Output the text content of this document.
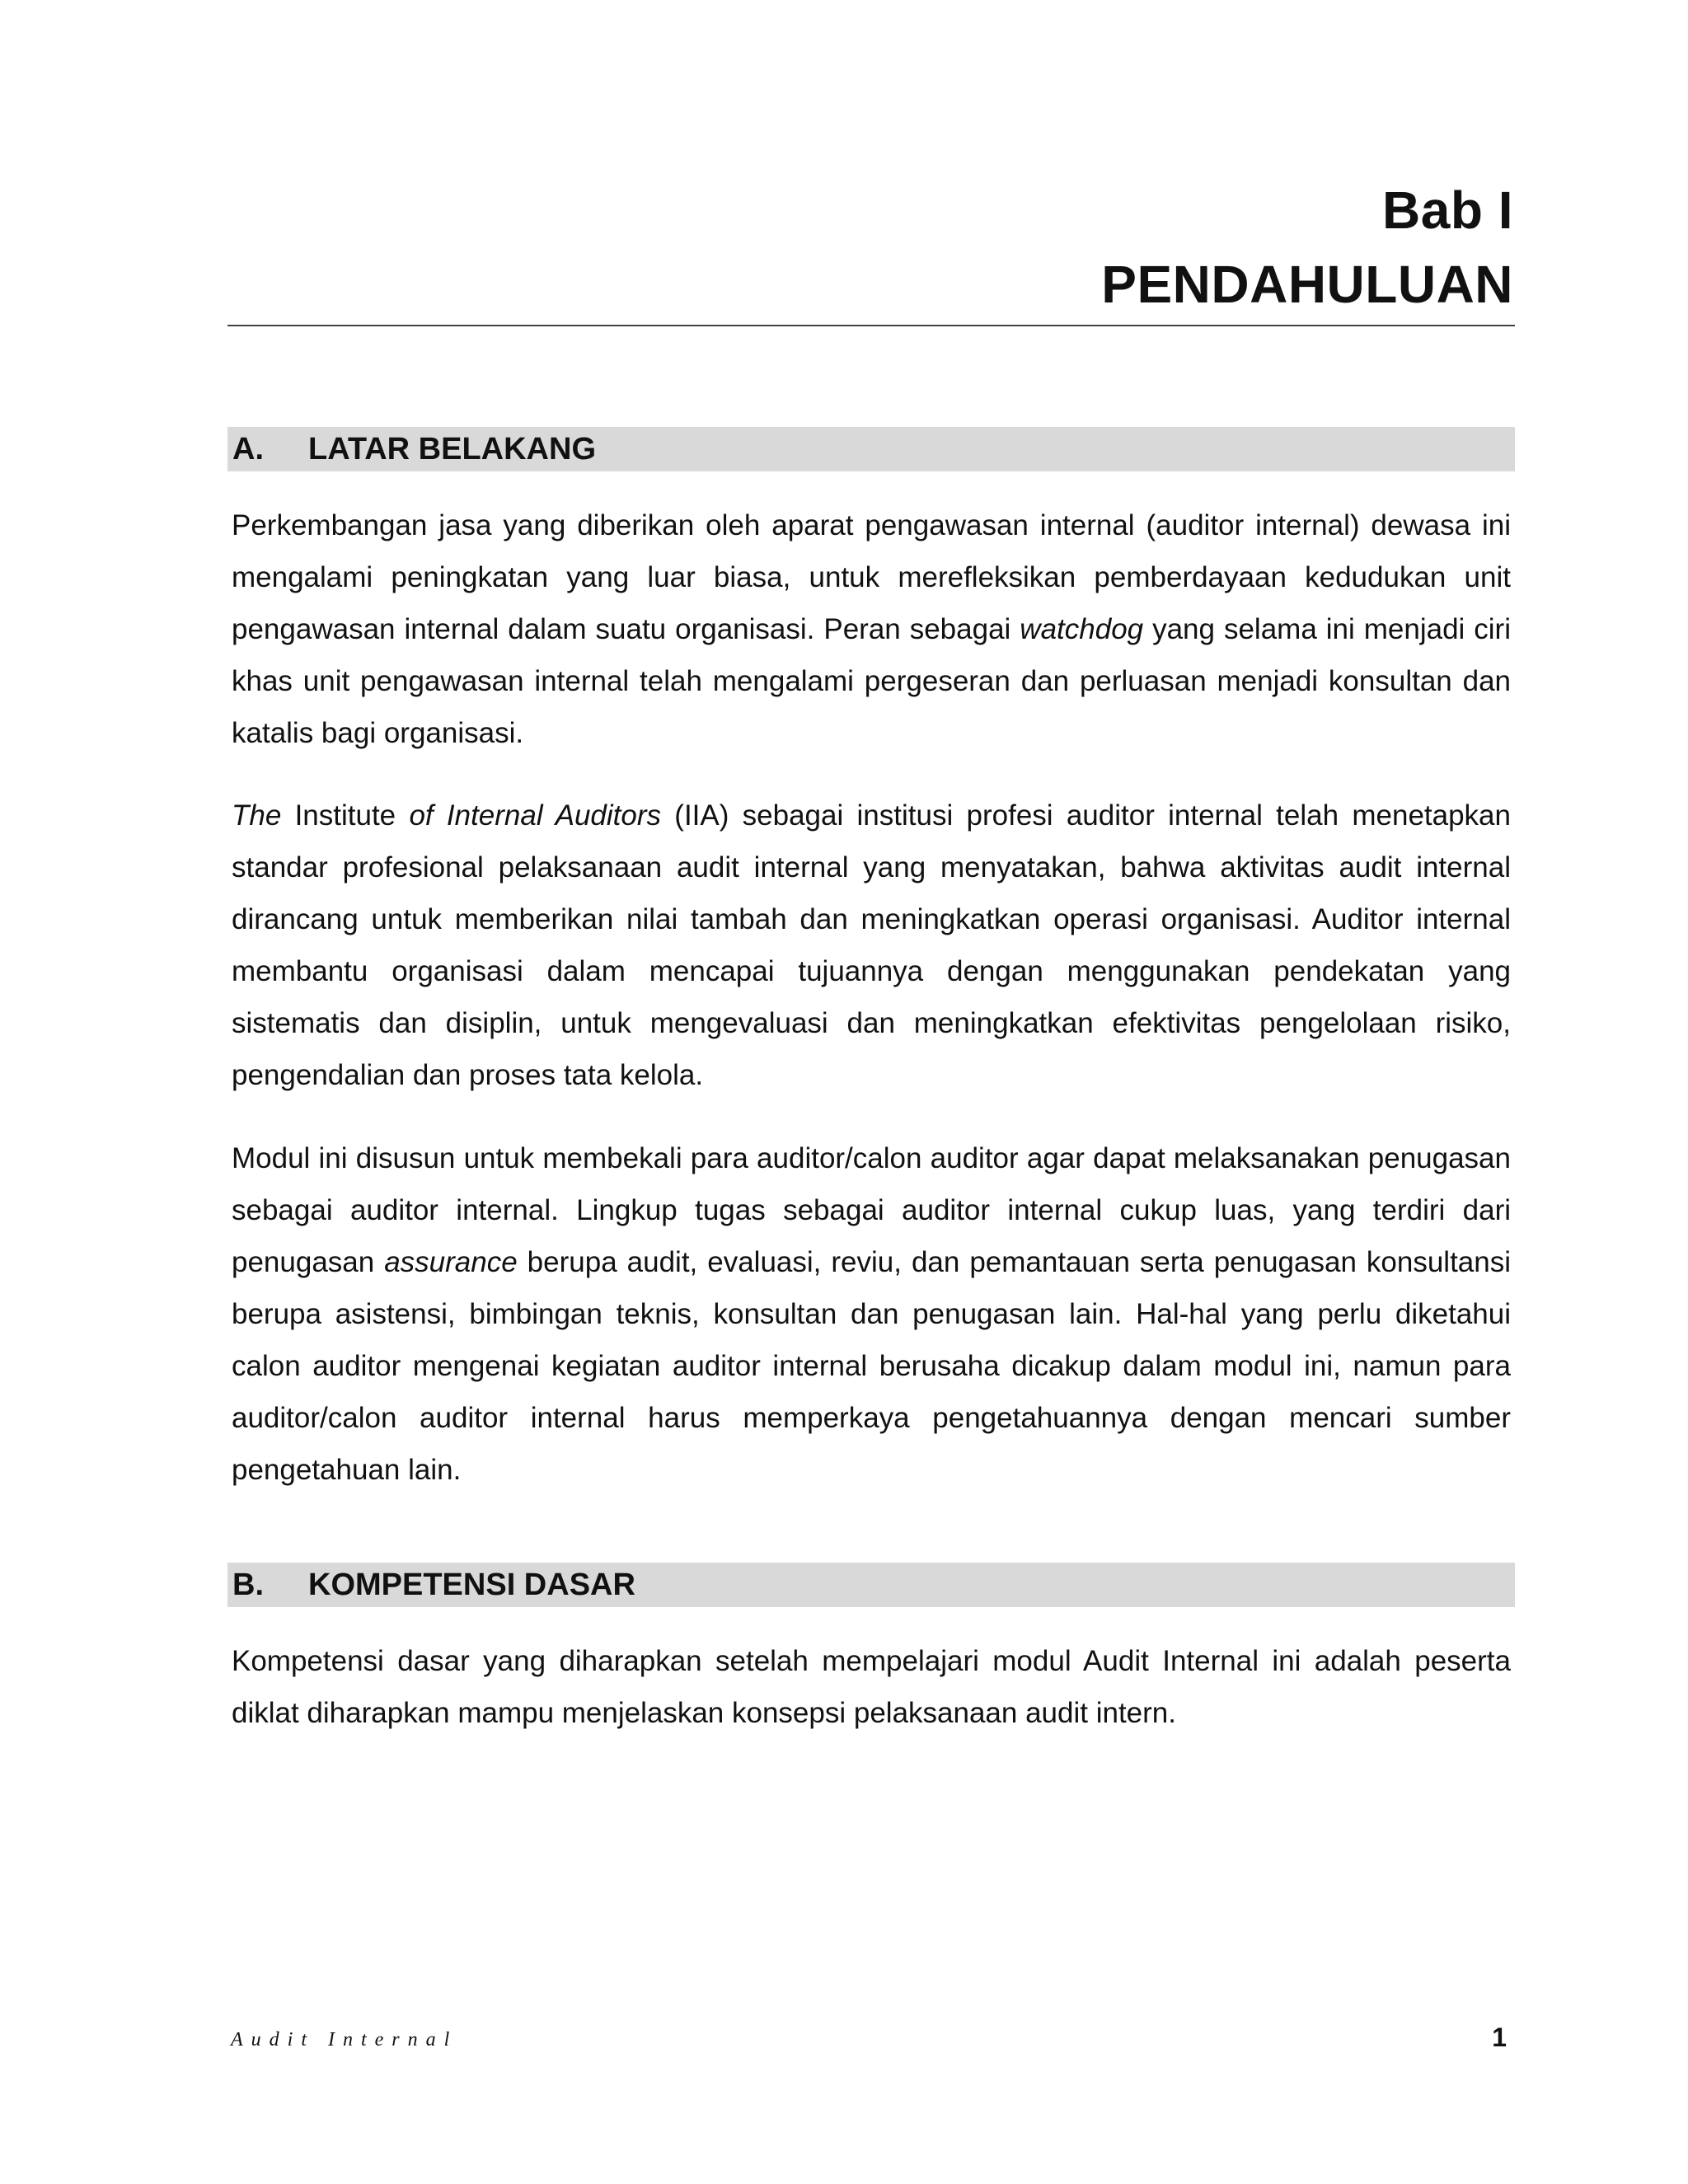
Bab I
PENDAHULUAN
A. LATAR BELAKANG

Perkembangan jasa yang diberikan oleh aparat pengawasan internal (auditor internal) dewasa ini mengalami peningkatan yang luar biasa, untuk merefleksikan pemberdayaan kedudukan unit pengawasan internal dalam suatu organisasi. Peran sebagai watchdog yang selama ini menjadi ciri khas unit pengawasan internal telah mengalami pergeseran dan perluasan menjadi konsultan dan katalis bagi organisasi.

The Institute of Internal Auditors (IIA) sebagai institusi profesi auditor internal telah menetapkan standar profesional pelaksanaan audit internal yang menyatakan, bahwa aktivitas audit internal dirancang untuk memberikan nilai tambah dan meningkatkan operasi organisasi. Auditor internal membantu organisasi dalam mencapai tujuannya dengan menggunakan pendekatan yang sistematis dan disiplin, untuk mengevaluasi dan meningkatkan efektivitas pengelolaan risiko, pengendalian dan proses tata kelola.

Modul ini disusun untuk membekali para auditor/calon auditor agar dapat melaksanakan penugasan sebagai auditor internal. Lingkup tugas sebagai auditor internal cukup luas, yang terdiri dari penugasan assurance berupa audit, evaluasi, reviu, dan pemantauan serta penugasan konsultansi berupa asistensi, bimbingan teknis, konsultan dan penugasan lain. Hal-hal yang perlu diketahui calon auditor mengenai kegiatan auditor internal berusaha dicakup dalam modul ini, namun para auditor/calon auditor internal harus memperkaya pengetahuannya dengan mencari sumber pengetahuan lain.

B. KOMPETENSI DASAR

Kompetensi dasar yang diharapkan setelah mempelajari modul Audit Internal ini adalah peserta diklat diharapkan mampu menjelaskan konsepsi pelaksanaan audit intern.

Audit Internal	1
